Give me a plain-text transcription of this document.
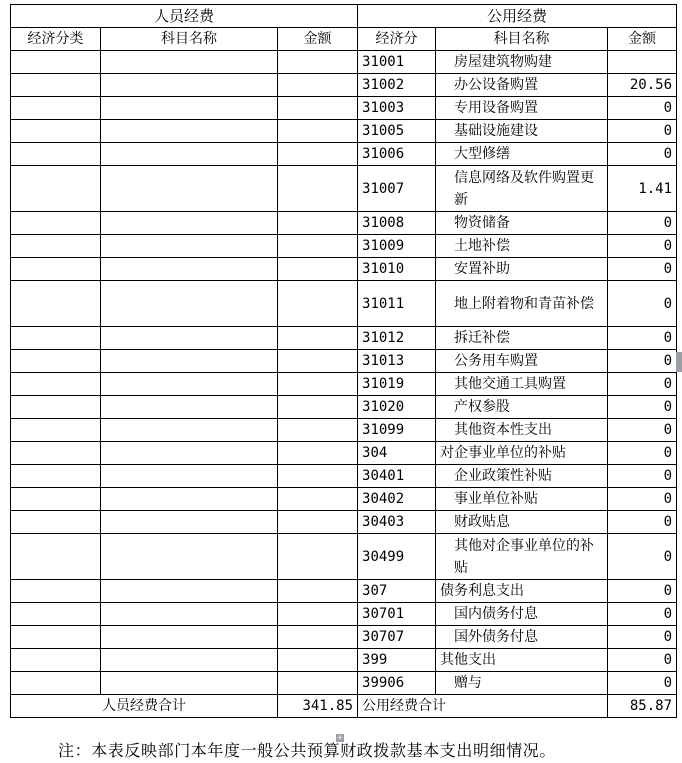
人员经费			公用经费		
经济分类	科目名称	金额	经济分	科目名称	金额
			31001	房屋建筑物购建	
			31002	办公设备购置	20.56
			31003	专用设备购置	0
			31005	基础设施建设	0
			31006	大型修缮	0
			31007	信息网络及软件购置更新	1.41
			31008	物资储备	0
			31009	土地补偿	0
			31010	安置补助	0
			31011	地上附着物和青苗补偿	0
			31012	拆迁补偿	0
			31013	公务用车购置	0
			31019	其他交通工具购置	0
			31020	产权参股	0
			31099	其他资本性支出	0
			304	对企事业单位的补贴	0
			30401	企业政策性补贴	0
			30402	事业单位补贴	0
			30403	财政贴息	0
			30499	其他对企事业单位的补贴	0
			307	债务利息支出	0
			30701	国内债务付息	0
			30707	国外债务付息	0
			399	其他支出	0
			39906	赠与	0
人员经费合计		341.85	公用经费合计		85.87
+
注：本表反映部门本年度一般公共预算财政拨款基本支出明细情况。
